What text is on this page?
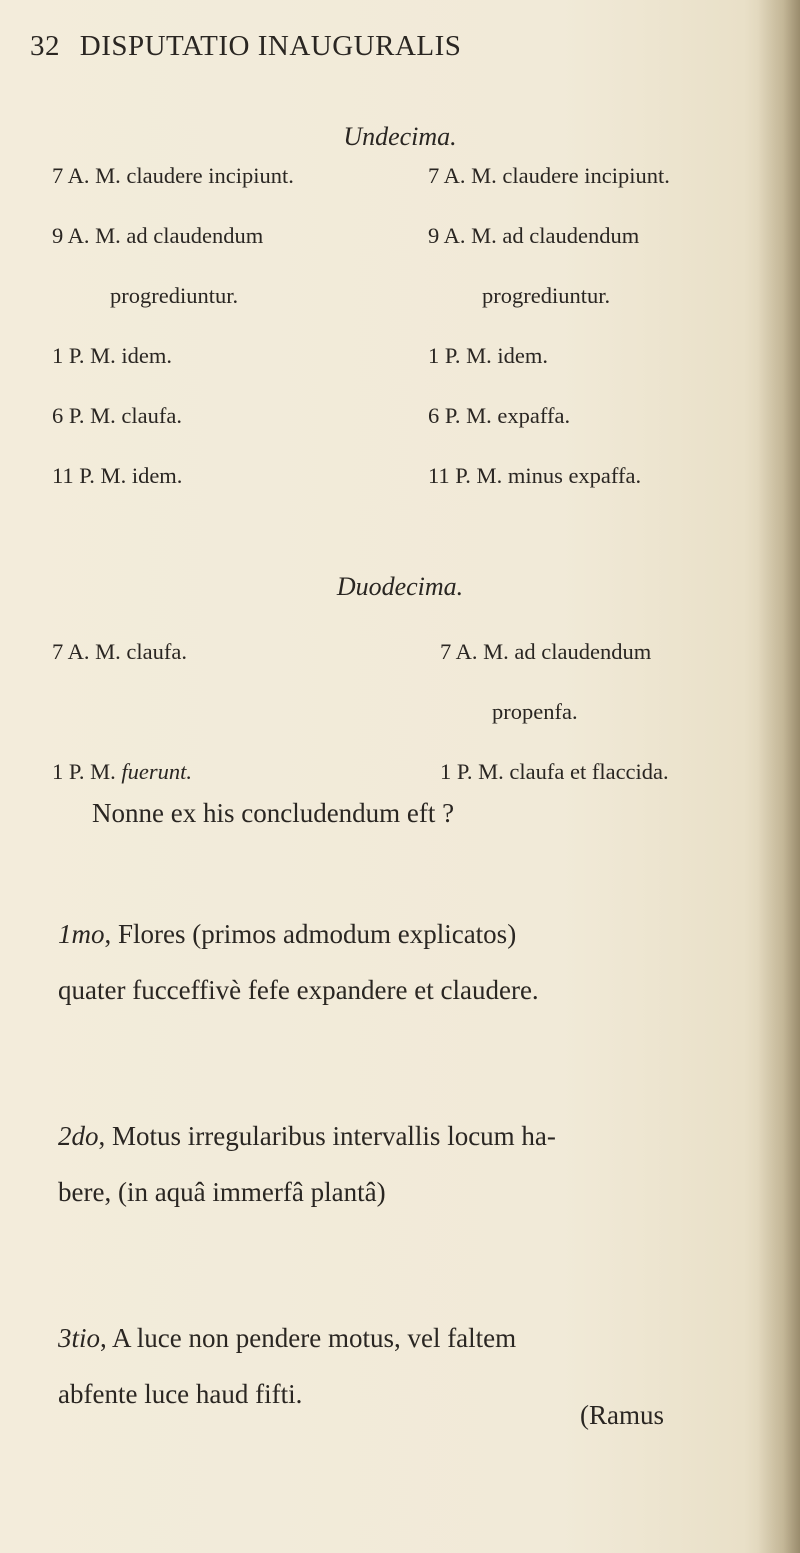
32 DISPUTATIO INAUGURALIS
Undecima.
7 A. M. claudere incipiunt.
9 A. M. ad claudendum
progrediuntur.
1 P. M. idem.
6 P. M. claufa.
11 P. M. idem.
7 A. M. claudere incipiunt.
9 A. M. ad claudendum
progrediuntur.
1 P. M. idem.
6 P. M. expaffa.
11 P. M. minus expaffa.
Duodecima.
7 A. M. claufa.
1 P. M. fuerunt.
7 A. M. ad claudendum
propenfa.
1 P. M. claufa et flaccida.
Nonne ex his concludendum eft ?
1mo, Flores (primos admodum explicatos)
quater fucceffivè fefe expandere et claudere.
2do, Motus irregularibus intervallis locum ha-
bere, (in aquâ immerfâ plantâ)
3tio, A luce non pendere motus, vel faltem
abfente luce haud fifti.
(Ramus
